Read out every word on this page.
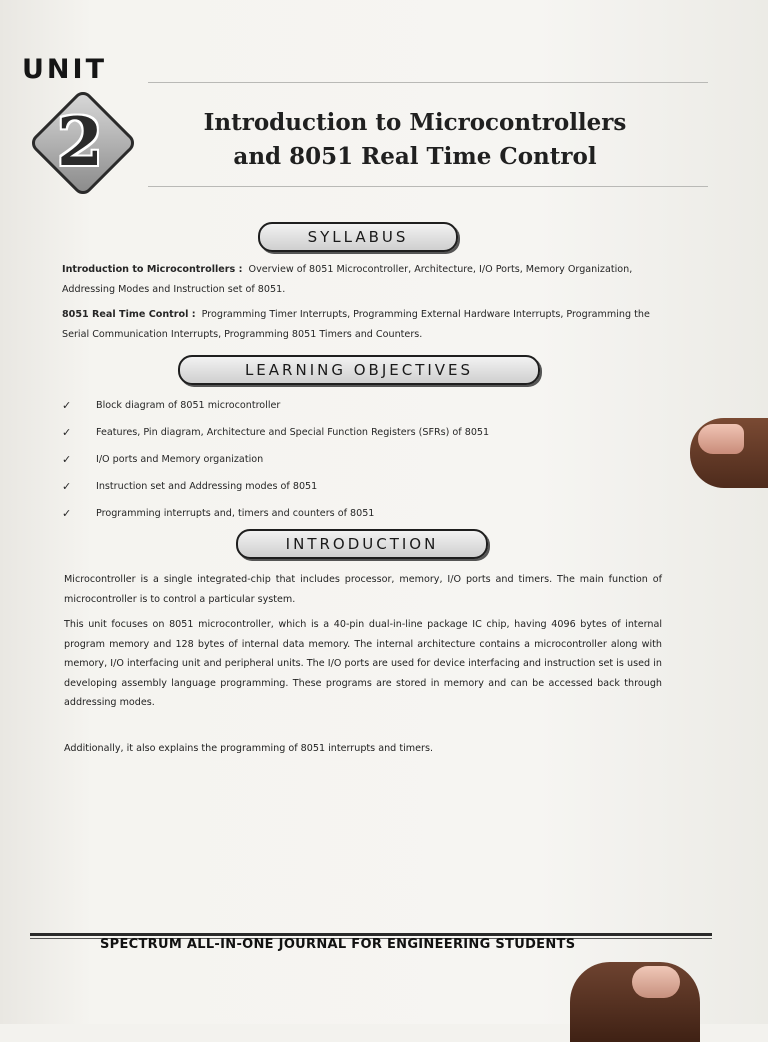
UNIT
2	Introduction to Microcontrollers
and 8051 Real Time Control
SYLLABUS

Introduction to Microcontrollers : Overview of 8051 Microcontroller, Architecture, I/O Ports, Memory Organization, Addressing Modes and Instruction set of 8051.

8051 Real Time Control : Programming Timer Interrupts, Programming External Hardware Interrupts, Programming the Serial Communication Interrupts, Programming 8051 Timers and Counters.

LEARNING OBJECTIVES
✓	Block diagram of 8051 microcontroller
✓	Features, Pin diagram, Architecture and Special Function Registers (SFRs) of 8051
✓	I/O ports and Memory organization
✓	Instruction set and Addressing modes of 8051
✓	Programming interrupts and, timers and counters of 8051
INTRODUCTION

Microcontroller is a single integrated-chip that includes processor, memory, I/O ports and timers. The main function of microcontroller is to control a particular system.

This unit focuses on 8051 microcontroller, which is a 40-pin dual-in-line package IC chip, having 4096 bytes of internal program memory and 128 bytes of internal data memory. The internal architecture contains a microcontroller along with memory, I/O interfacing unit and peripheral units. The I/O ports are used for device interfacing and instruction set is used in developing assembly language programming. These programs are stored in memory and can be accessed back through addressing modes.

Additionally, it also explains the programming of 8051 interrupts and timers.

SPECTRUM ALL-IN-ONE JOURNAL FOR ENGINEERING STUDENTS
